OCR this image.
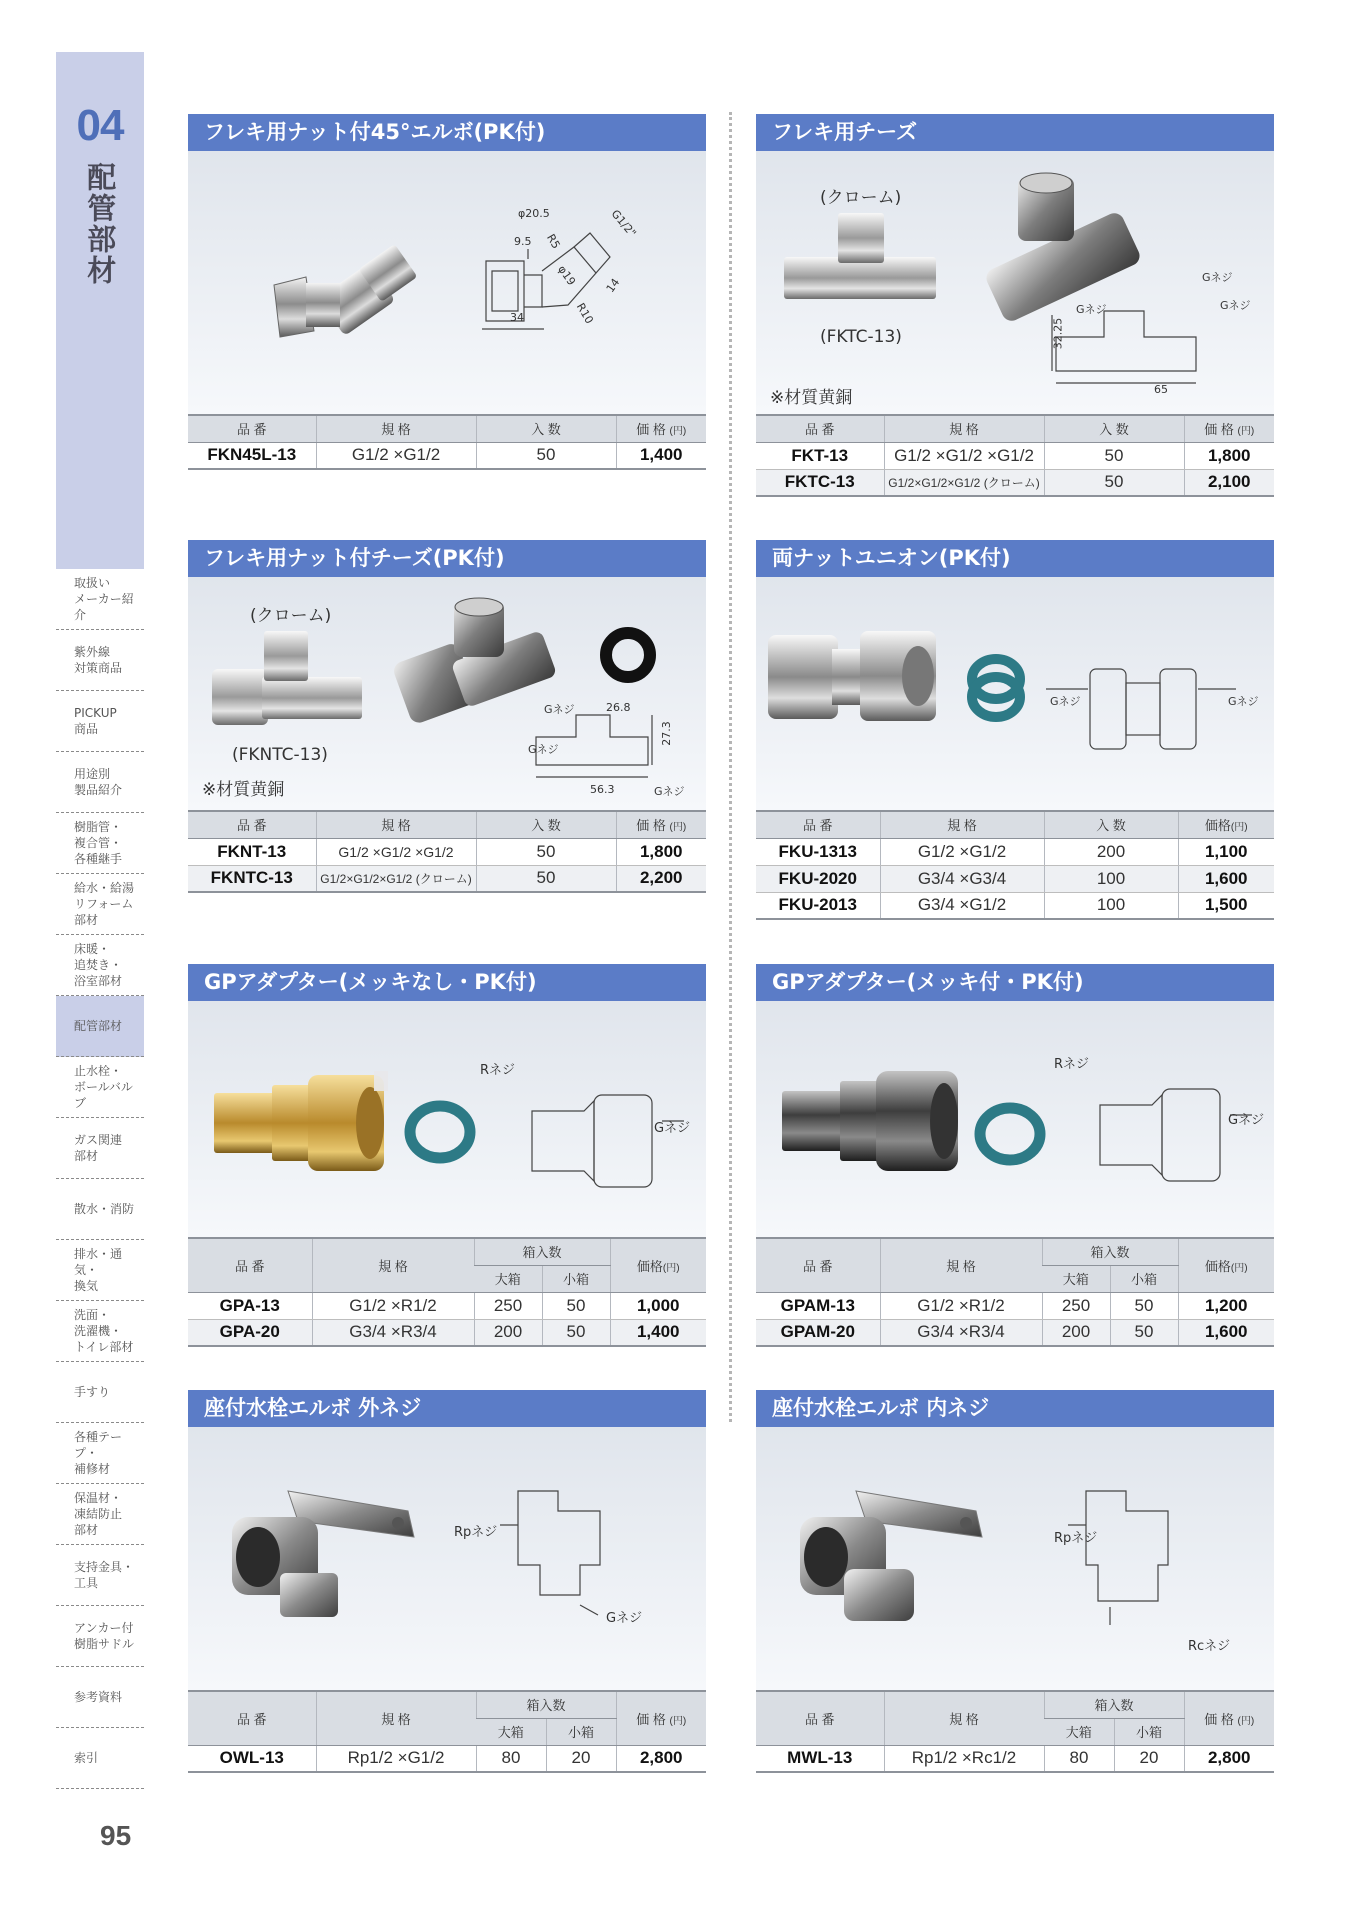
04
配管部材
取扱い
メーカー紹介
紫外線
対策商品
PICKUP
商品
用途別
製品紹介
樹脂管・
複合管・
各種継手
給水・給湯
リフォーム
部材
床暖・
追焚き・
浴室部材
配管部材
止水栓・
ボールバルブ
ガス関連
部材
散水・消防
排水・通気・
換気
洗面・
洗濯機・
トイレ部材
手すり
各種テープ・
補修材
保温材・
凍結防止
部材
支持金具・
工具
アンカー付
樹脂サドル
参考資料
索引
95
フレキ用ナット付45°エルボ(PK付)
φ20.5
9.5 R5
φ19 14
R10
34
G1/2"
品 番	規 格	入 数	価 格 (円)
FKN45L-13	G1/2 ×G1/2	50	1,400
フレキ用チーズ
(クローム)
(FKTC-13)
Gネジ
Gネジ
Gネジ
32.25
65
※材質黄銅
品 番	規 格	入 数	価 格 (円)
FKT-13	G1/2 ×G1/2 ×G1/2	50	1,800
FKTC-13	G1/2×G1/2×G1/2 (クローム)	50	2,100
フレキ用ナット付チーズ(PK付)
(クローム)
(FKNTC-13)
※材質黄銅
Gネジ
Gネジ
Gネジ
26.8
27.3
56.3
品 番	規 格	入 数	価 格 (円)
FKNT-13	G1/2 ×G1/2 ×G1/2	50	1,800
FKNTC-13	G1/2×G1/2×G1/2 (クローム)	50	2,200
両ナットユニオン(PK付)
Gネジ	Gネジ
品 番	規 格	入 数	価格(円)
FKU-1313	G1/2 ×G1/2	200	1,100
FKU-2020	G3/4 ×G3/4	100	1,600
FKU-2013	G3/4 ×G1/2	100	1,500
GPアダプター(メッキなし・PK付)
Rネジ
Gネジ
品 番	規 格	箱入数		価格(円)
		大箱	小箱	
GPA-13	G1/2 ×R1/2	250	50	1,000
GPA-20	G3/4 ×R3/4	200	50	1,400
GPアダプター(メッキ付・PK付)
Rネジ
Gネジ
品 番	規 格	箱入数		価格(円)
		大箱	小箱	
GPAM-13	G1/2 ×R1/2	250	50	1,200
GPAM-20	G3/4 ×R3/4	200	50	1,600
座付水栓エルボ 外ネジ
Rpネジ
Gネジ
品 番	規 格	箱入数		価 格 (円)
		大箱	小箱	
OWL-13	Rp1/2 ×G1/2	80	20	2,800
座付水栓エルボ 内ネジ
Rpネジ
Rcネジ
品 番	規 格	箱入数		価 格 (円)
		大箱	小箱	
MWL-13	Rp1/2 ×Rc1/2	80	20	2,800
